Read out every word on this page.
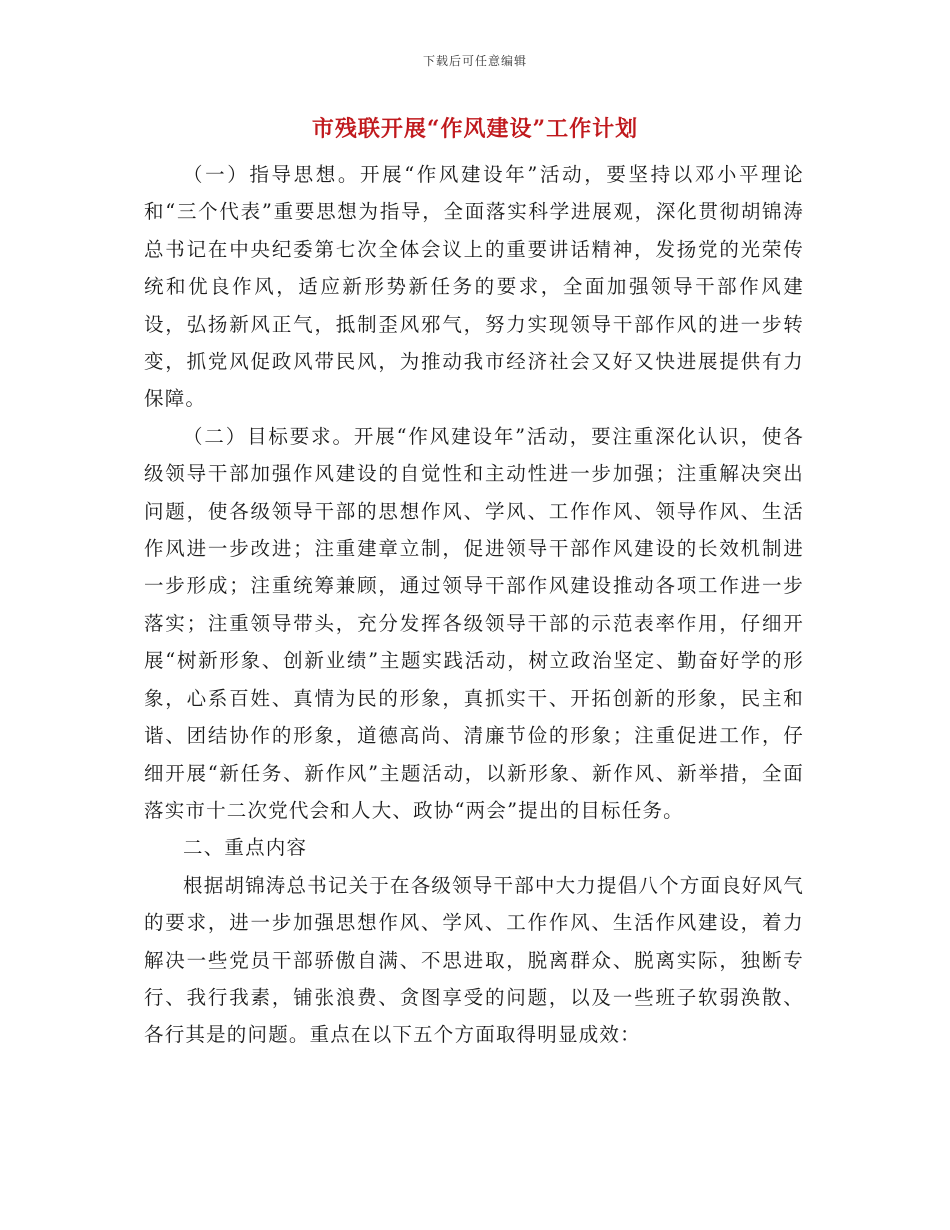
下载后可任意编辑
市残联开展“作风建设”工作计划

（一）指导思想。开展“作风建设年”活动，要坚持以邓小平理论和“三个代表”重要思想为指导，全面落实科学进展观，深化贯彻胡锦涛总书记在中央纪委第七次全体会议上的重要讲话精神，发扬党的光荣传统和优良作风，适应新形势新任务的要求，全面加强领导干部作风建设，弘扬新风正气，抵制歪风邪气，努力实现领导干部作风的进一步转变，抓党风促政风带民风，为推动我市经济社会又好又快进展提供有力保障。

（二）目标要求。开展“作风建设年”活动，要注重深化认识，使各级领导干部加强作风建设的自觉性和主动性进一步加强；注重解决突出问题，使各级领导干部的思想作风、学风、工作作风、领导作风、生活作风进一步改进；注重建章立制，促进领导干部作风建设的长效机制进一步形成；注重统筹兼顾，通过领导干部作风建设推动各项工作进一步落实；注重领导带头，充分发挥各级领导干部的示范表率作用，仔细开展“树新形象、创新业绩”主题实践活动，树立政治坚定、勤奋好学的形象，心系百姓、真情为民的形象，真抓实干、开拓创新的形象，民主和谐、团结协作的形象，道德高尚、清廉节俭的形象；注重促进工作，仔细开展“新任务、新作风”主题活动，以新形象、新作风、新举措，全面落实市十二次党代会和人大、政协“两会”提出的目标任务。

二、重点内容

根据胡锦涛总书记关于在各级领导干部中大力提倡八个方面良好风气的要求，进一步加强思想作风、学风、工作作风、生活作风建设，着力解决一些党员干部骄傲自满、不思进取，脱离群众、脱离实际，独断专行、我行我素，铺张浪费、贪图享受的问题，以及一些班子软弱涣散、各行其是的问题。重点在以下五个方面取得明显成效：
